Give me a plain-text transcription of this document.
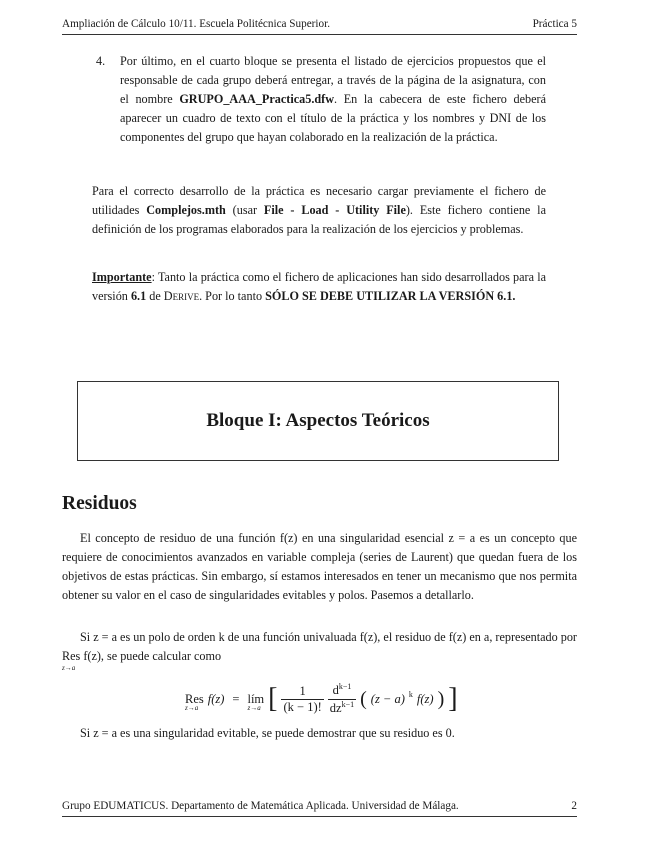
Ampliación de Cálculo 10/11. Escuela Politécnica Superior.	Práctica 5
4. Por último, en el cuarto bloque se presenta el listado de ejercicios propuestos que el responsable de cada grupo deberá entregar, a través de la página de la asignatura, con el nombre GRUPO_AAA_Practica5.dfw. En la cabecera de este fichero deberá aparecer un cuadro de texto con el título de la práctica y los nombres y DNI de los componentes del grupo que hayan colaborado en la realización de la práctica.
Para el correcto desarrollo de la práctica es necesario cargar previamente el fichero de utilidades Complejos.mth (usar File - Load - Utility File). Este fichero contiene la definición de los programas elaborados para la realización de los ejercicios y problemas.
Importante: Tanto la práctica como el fichero de aplicaciones han sido desarrollados para la versión 6.1 de Derive. Por lo tanto SÓLO SE DEBE UTILIZAR LA VERSIÓN 6.1.
Bloque I: Aspectos Teóricos
Residuos
El concepto de residuo de una función f(z) en una singularidad esencial z = a es un concepto que requiere de conocimientos avanzados en variable compleja (series de Laurent) que quedan fuera de los objetivos de estas prácticas. Sin embargo, sí estamos interesados en tener un mecanismo que nos permita obtener su valor en el caso de singularidades evitables y polos. Pasemos a detallarlo.
Si z = a es un polo de orden k de una función univaluada f(z), el residuo de f(z) en a, representado por Res
z→a
f(z), se puede calcular como
Res
z→a
f(z) = lím
z→a [ $\frac{1}{(k - 1)!} \frac{d^{k-1}}{dz^{k-1}}$ ( (z − a) $^k$ f(z) ) ]
Si z = a es una singularidad evitable, se puede demostrar que su residuo es 0.
Grupo EDUMATICUS. Departamento de Matemática Aplicada. Universidad de Málaga.	2
